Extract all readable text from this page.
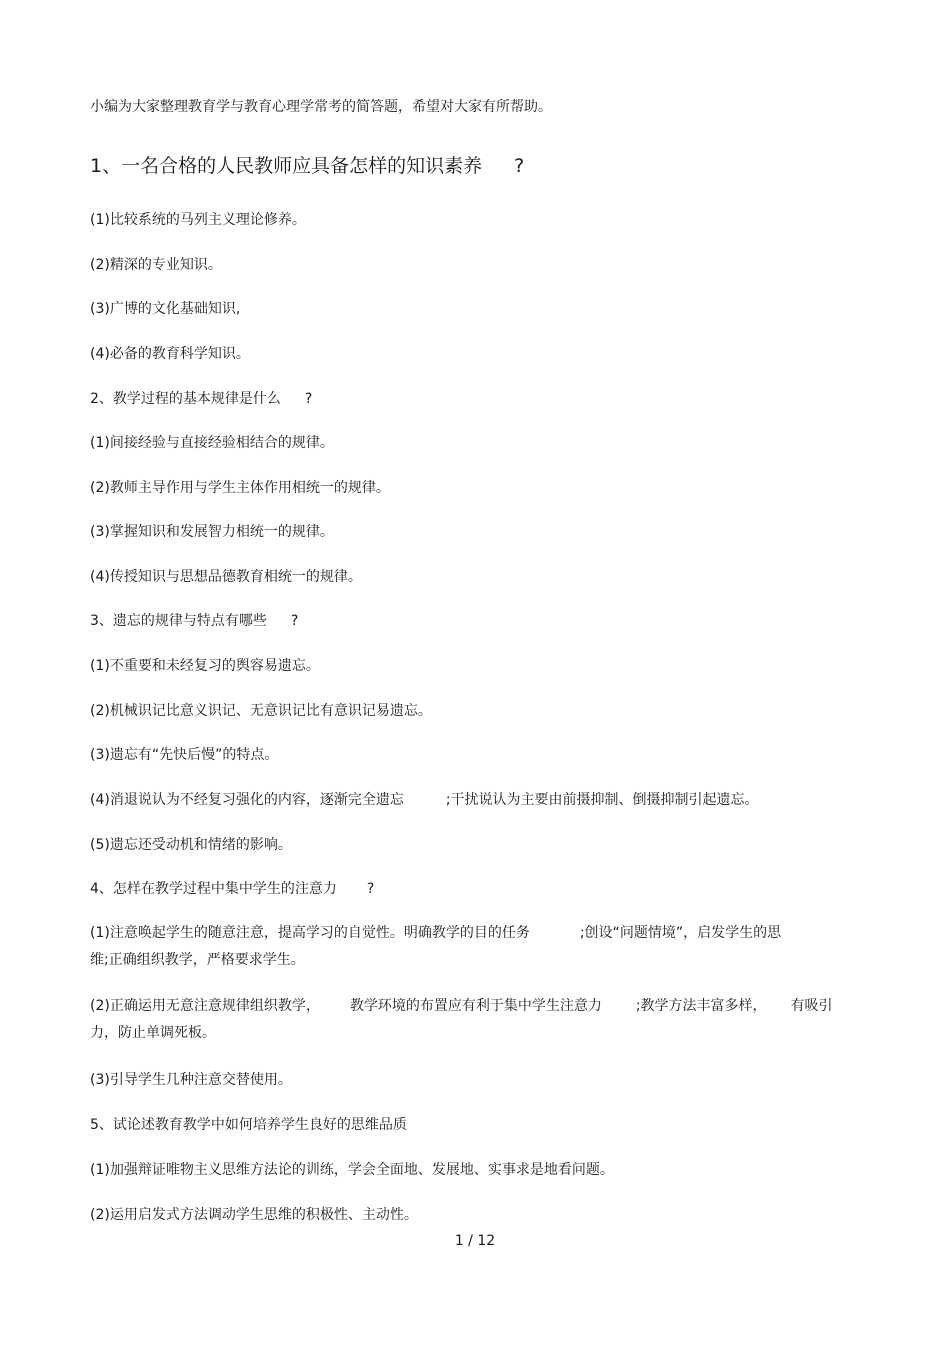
小编为大家整理教育学与教育心理学常考的简答题，希望对大家有所帮助。
1、一名合格的人民教师应具备怎样的知识素养 ?
(1)比较系统的马列主义理论修养。
(2)精深的专业知识。
(3)广博的文化基础知识,
(4)必备的教育科学知识。
2、教学过程的基本规律是什么 ?
(1)间接经验与直接经验相结合的规律。
(2)教师主导作用与学生主体作用相统一的规律。
(3)掌握知识和发展智力相统一的规律。
(4)传授知识与思想品德教育相统一的规律。
3、遗忘的规律与特点有哪些 ?
(1)不重要和未经复习的舆容易遗忘。
(2)机械识记比意义识记、无意识记比有意识记易遗忘。
(3)遗忘有“先快后慢”的特点。
(4)消退说认为不经复习强化的内容，逐渐完全遗忘	;干扰说认为主要由前摄抑制、倒摄抑制引起遗忘。
(5)遗忘还受动机和情绪的影响。
4、怎样在教学过程中集中学生的注意力 ?
(1)注意唤起学生的随意注意，提高学习的自觉性。明确教学的目的任务	;创设“问题情境”，启发学生的思
维;正确组织教学，严格要求学生。
(2)正确运用无意注意规律组织教学， 教学环境的布置应有利于集中学生注意力 ;教学方法丰富多样， 有吸引
力，防止单调死板。
(3)引导学生几种注意交替使用。
5、试论述教育教学中如何培养学生良好的思维品质
(1)加强辩证唯物主义思维方法论的训练，学会全面地、发展地、实事求是地看问题。
(2)运用启发式方法调动学生思维的积极性、主动性。
1 / 12
